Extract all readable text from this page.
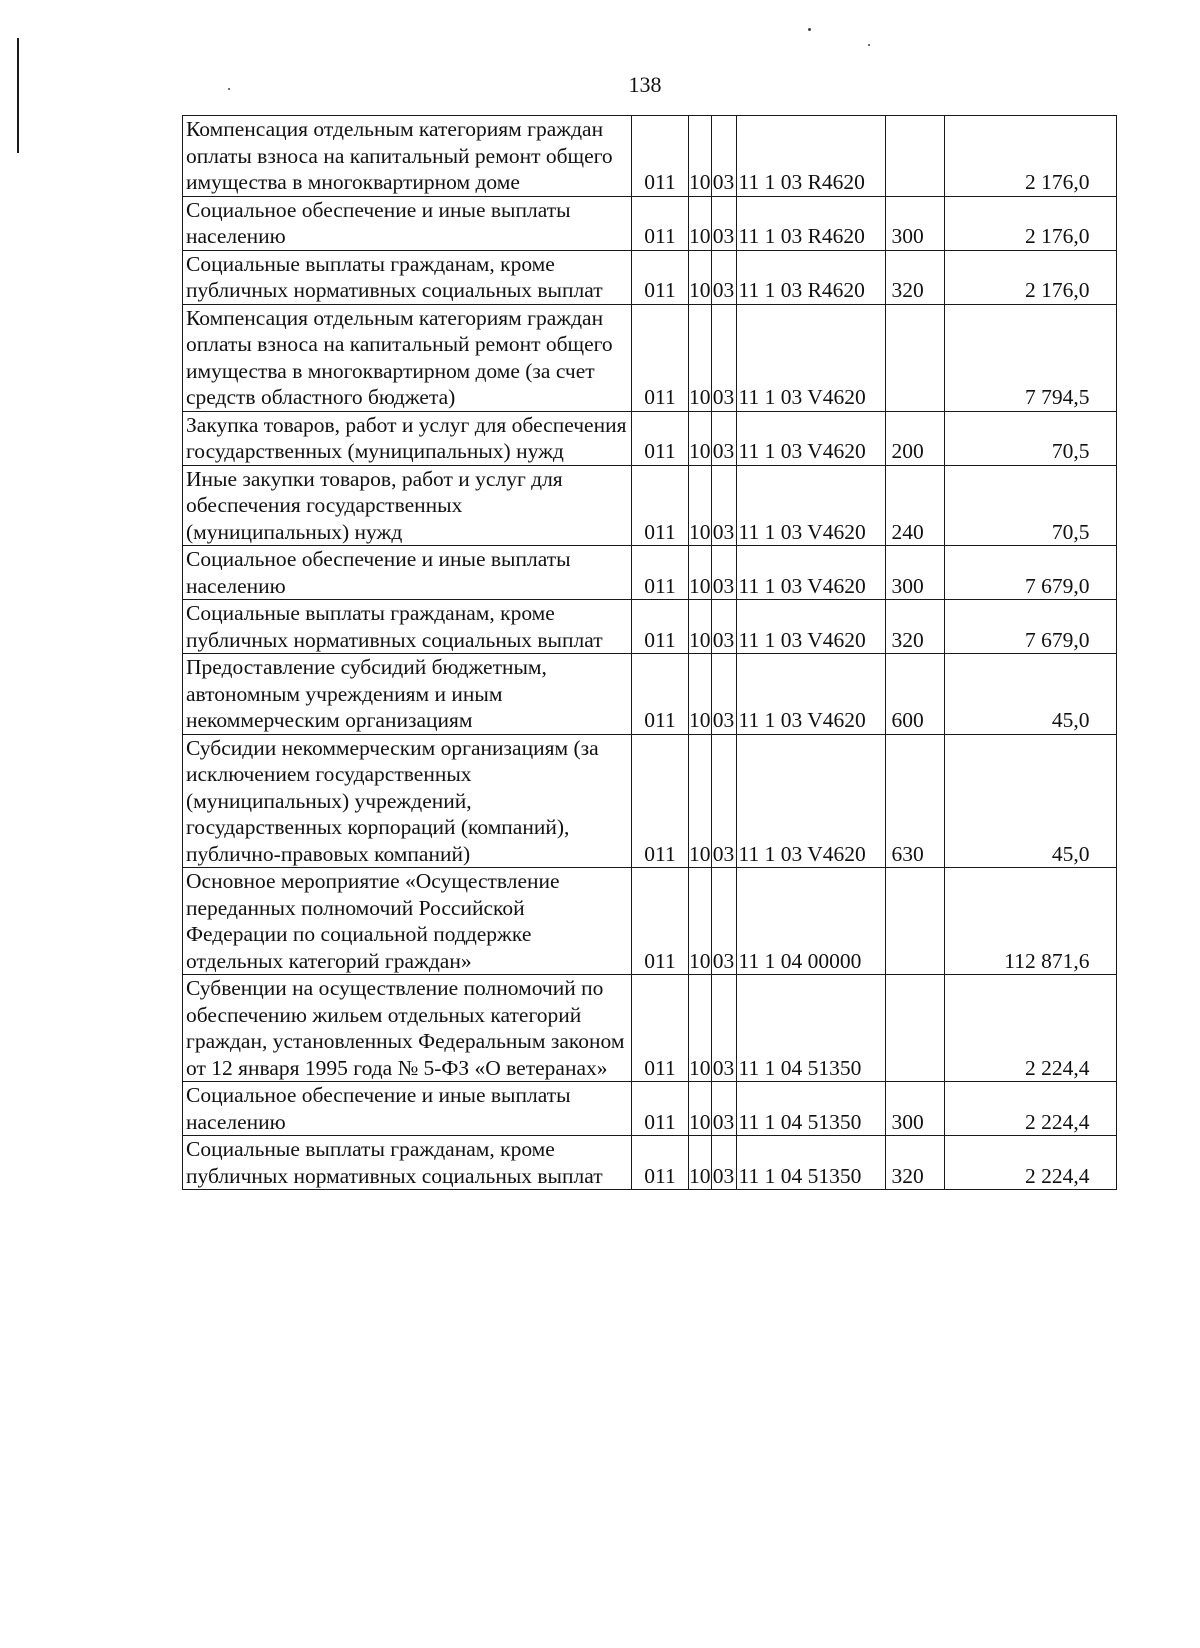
138
Компенсация отдельным категориям граждан оплаты взноса на капитальный ремонт общего имущества в многоквартирном доме	011	10	03	11 1 03 R4620		2 176,0
Социальное обеспечение и иные выплаты населению	011	10	03	11 1 03 R4620	300	2 176,0
Социальные выплаты гражданам, кроме публичных нормативных социальных выплат	011	10	03	11 1 03 R4620	320	2 176,0
Компенсация отдельным категориям граждан оплаты взноса на капитальный ремонт общего имущества в многоквартирном доме (за счет средств областного бюджета)	011	10	03	11 1 03 V4620		7 794,5
Закупка товаров, работ и услуг для обеспечения государственных (муниципальных) нужд	011	10	03	11 1 03 V4620	200	70,5
Иные закупки товаров, работ и услуг для обеспечения государственных (муниципальных) нужд	011	10	03	11 1 03 V4620	240	70,5
Социальное обеспечение и иные выплаты населению	011	10	03	11 1 03 V4620	300	7 679,0
Социальные выплаты гражданам, кроме публичных нормативных социальных выплат	011	10	03	11 1 03 V4620	320	7 679,0
Предоставление субсидий бюджетным, автономным учреждениям и иным некоммерческим организациям	011	10	03	11 1 03 V4620	600	45,0
Субсидии некоммерческим организациям (за исключением государственных (муниципальных) учреждений, государственных корпораций (компаний), публично-правовых компаний)	011	10	03	11 1 03 V4620	630	45,0
Основное мероприятие «Осуществление переданных полномочий Российской Федерации по социальной поддержке отдельных категорий граждан»	011	10	03	11 1 04 00000		112 871,6
Субвенции на осуществление полномочий по обеспечению жильем отдельных категорий граждан, установленных Федеральным законом от 12 января 1995 года № 5-ФЗ «О ветеранах»	011	10	03	11 1 04 51350		2 224,4
Социальное обеспечение и иные выплаты населению	011	10	03	11 1 04 51350	300	2 224,4
Социальные выплаты гражданам, кроме публичных нормативных социальных выплат	011	10	03	11 1 04 51350	320	2 224,4
